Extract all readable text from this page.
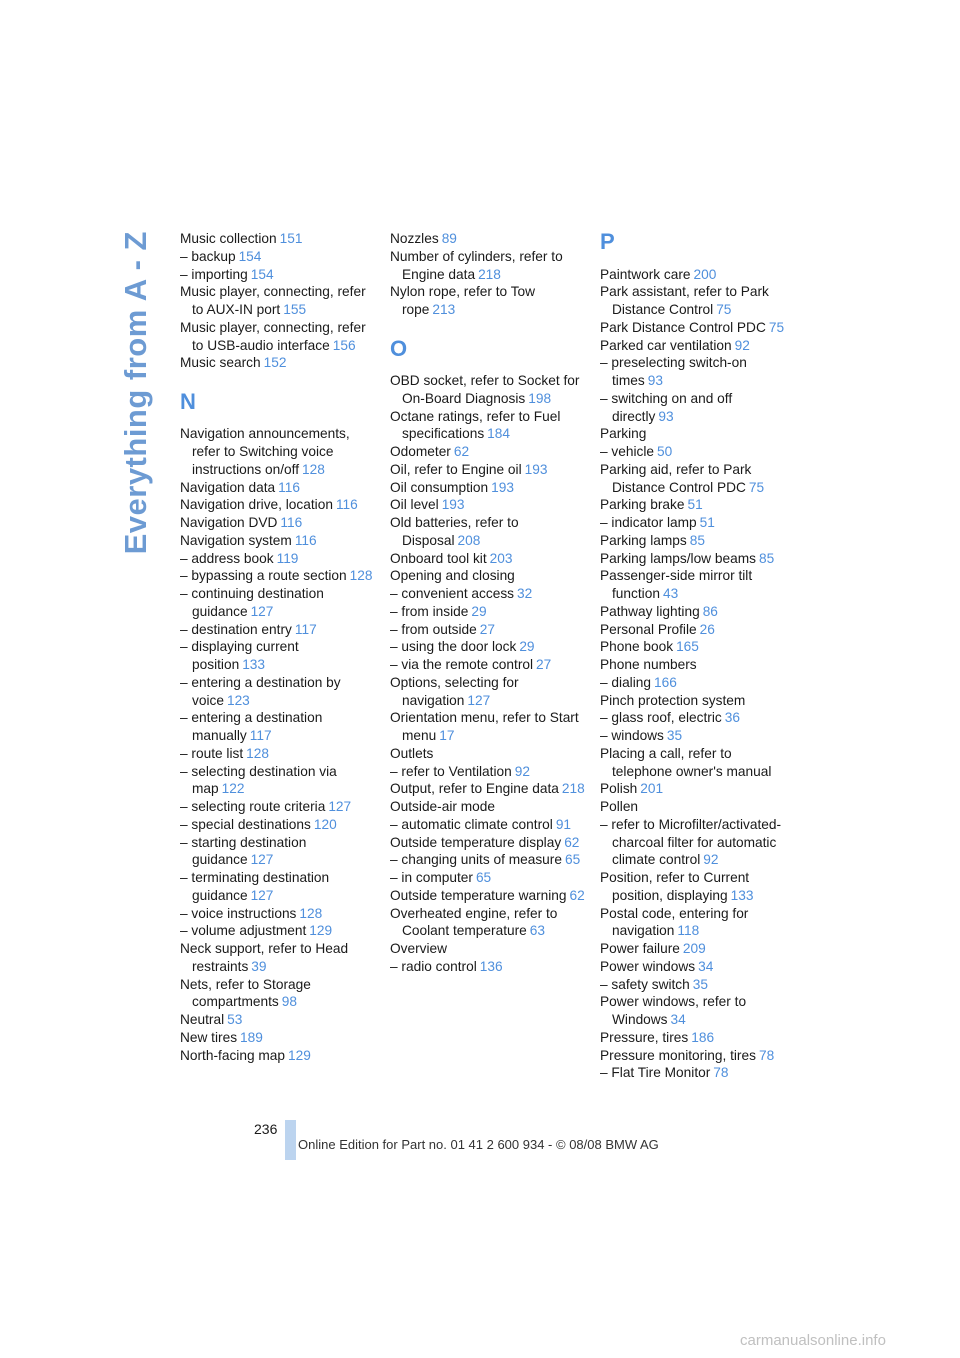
Everything from A - Z Music collection 151
– backup 154
– importing 154
Music player, connecting, refer to AUX-IN port 155
Music player, connecting, refer to USB-audio interface 156
Music search 152
N
Navigation announcements, refer to Switching voice instructions on/off 128
Navigation data 116
Navigation drive, location 116
Navigation DVD 116
Navigation system 116
– address book 119
– bypassing a route section 128
– continuing destination guidance 127
– destination entry 117
– displaying current position 133
– entering a destination by voice 123
– entering a destination manually 117
– route list 128
– selecting destination via map 122
– selecting route criteria 127
– special destinations 120
– starting destination guidance 127
– terminating destination guidance 127
– voice instructions 128
– volume adjustment 129
Neck support, refer to Head restraints 39
Nets, refer to Storage compartments 98
Neutral 53
New tires 189
North-facing map 129
Nozzles 89
Number of cylinders, refer to Engine data 218
Nylon rope, refer to Tow rope 213
O
OBD socket, refer to Socket for On-Board Diagnosis 198
Octane ratings, refer to Fuel specifications 184
Odometer 62
Oil, refer to Engine oil 193
Oil consumption 193
Oil level 193
Old batteries, refer to Disposal 208
Onboard tool kit 203
Opening and closing
– convenient access 32
– from inside 29
– from outside 27
– using the door lock 29
– via the remote control 27
Options, selecting for navigation 127
Orientation menu, refer to Start menu 17
Outlets
– refer to Ventilation 92
Output, refer to Engine data 218
Outside-air mode
– automatic climate control 91
Outside temperature display 62
– changing units of measure 65
– in computer 65
Outside temperature warning 62
Overheated engine, refer to Coolant temperature 63
Overview
– radio control 136
P
Paintwork care 200
Park assistant, refer to Park Distance Control 75
Park Distance Control PDC 75
Parked car ventilation 92
– preselecting switch-on times 93
– switching on and off directly 93
Parking
– vehicle 50
Parking aid, refer to Park Distance Control PDC 75
Parking brake 51
– indicator lamp 51
Parking lamps 85
Parking lamps/low beams 85
Passenger-side mirror tilt function 43
Pathway lighting 86
Personal Profile 26
Phone book 165
Phone numbers
– dialing 166
Pinch protection system
– glass roof, electric 36
– windows 35
Placing a call, refer to telephone owner's manual
Polish 201
Pollen
– refer to Microfilter/activated-charcoal filter for automatic climate control 92
Position, refer to Current position, displaying 133
Postal code, entering for navigation 118
Power failure 209
Power windows 34
– safety switch 35
Power windows, refer to Windows 34
Pressure, tires 186
Pressure monitoring, tires 78
– Flat Tire Monitor 78
236
Online Edition for Part no. 01 41 2 600 934 - © 08/08 BMW AG
carmanualsonline.info
